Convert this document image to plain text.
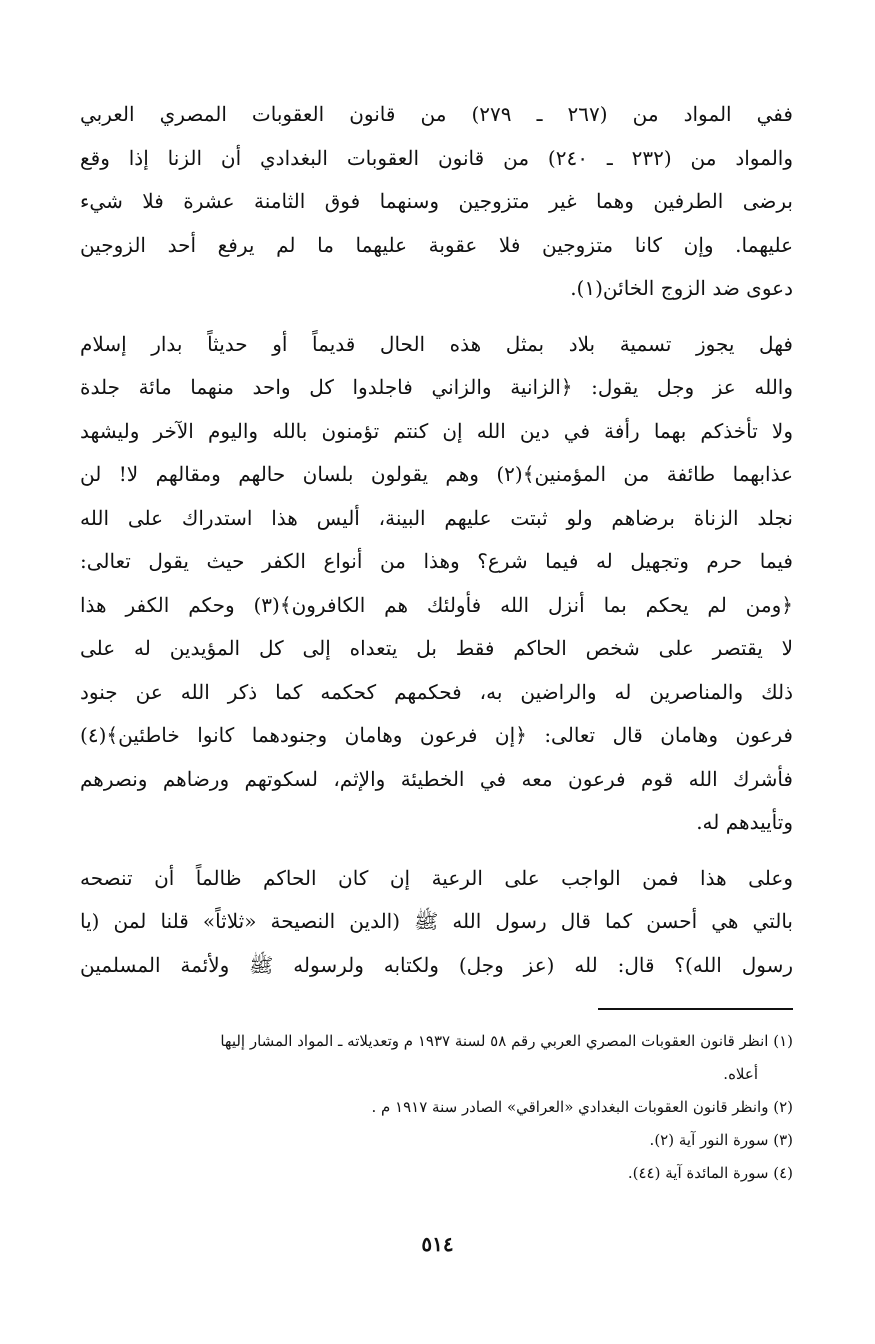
ففي المواد من (٢٦٧ ـ ٢٧٩) من قانون العقوبات المصري العربي
والمواد من (٢٣٢ ـ ٢٤٠) من قانون العقوبات البغدادي أن الزنا إذا وقع
برضى الطرفين وهما غير متزوجين وسنهما فوق الثامنة عشرة فلا شيء
عليهما. وإن كانا متزوجين فلا عقوبة عليهما ما لم يرفع أحد الزوجين
دعوى ضد الزوج الخائن(١).
فهل يجوز تسمية بلاد بمثل هذه الحال قديماً أو حديثاً بدار إسلام
والله عز وجل يقول: ﴿الزانية والزاني فاجلدوا كل واحد منهما مائة جلدة
ولا تأخذكم بهما رأفة في دين الله إن كنتم تؤمنون بالله واليوم الآخر وليشهد
عذابهما طائفة من المؤمنين﴾(٢) وهم يقولون بلسان حالهم ومقالهم لا! لن
نجلد الزناة برضاهم ولو ثبتت عليهم البينة، أليس هذا استدراك على الله
فيما حرم وتجهيل له فيما شرع؟ وهذا من أنواع الكفر حيث يقول تعالى:
﴿ومن لم يحكم بما أنزل الله فأولئك هم الكافرون﴾(٣) وحكم الكفر هذا
لا يقتصر على شخص الحاكم فقط بل يتعداه إلى كل المؤيدين له على
ذلك والمناصرين له والراضين به، فحكمهم كحكمه كما ذكر الله عن جنود
فرعون وهامان قال تعالى: ﴿إن فرعون وهامان وجنودهما كانوا خاطئين﴾(٤)
فأشرك الله قوم فرعون معه في الخطيئة والإثم، لسكوتهم ورضاهم ونصرهم
وتأييدهم له.
وعلى هذا فمن الواجب على الرعية إن كان الحاكم ظالماً أن تنصحه
بالتي هي أحسن كما قال رسول الله ﷺ (الدين النصيحة «ثلاثاً» قلنا لمن (يا
رسول الله)؟ قال: لله (عز وجل) ولكتابه ولرسوله ﷺ ولأئمة المسلمين
(١) انظر قانون العقوبات المصري العربي رقم ٥٨ لسنة ١٩٣٧ م وتعديلاته ـ المواد المشار إليها
أعلاه.
(٢) وانظر قانون العقوبات البغدادي «العراقي» الصادر سنة ١٩١٧ م .
(٣) سورة النور آية (٢).
(٤) سورة المائدة آية (٤٤).
٥١٤
